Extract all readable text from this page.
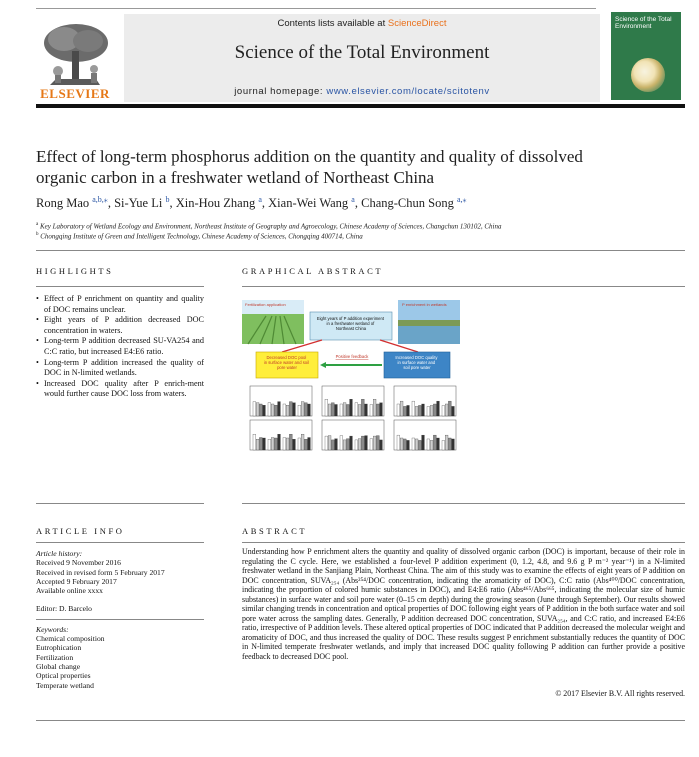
ELSEVIER
Contents lists available at ScienceDirect
Science of the Total Environment
journal homepage: www.elsevier.com/locate/scitotenv
Science of the Total Environment
Effect of long-term phosphorus addition on the quantity and quality of dissolved organic carbon in a freshwater wetland of Northeast China
Rong Mao $^{a,b,⁎}$, Si-Yue Li $^b$, Xin-Hou Zhang $^a$, Xian-Wei Wang $^a$, Chang-Chun Song $^{a,⁎}$
$^a$ Key Laboratory of Wetland Ecology and Environment, Northeast Institute of Geography and Agroecology, Chinese Academy of Sciences, Changchun 130102, China
$^b$ Chongqing Institute of Green and Intelligent Technology, Chinese Academy of Sciences, Chongqing 400714, China
HIGHLIGHTS
• Effect of P enrichment on quantity and quality of DOC remains unclear.
• Eight years of P addition decreased DOC concentration in waters.
• Long-term P addition decreased SU-VA254 and C:C ratio, but increased E4:E6 ratio.
• Long-term P addition increased the quality of DOC in N-limited wetlands.
• Increased DOC quality after P enrich-ment would further cause DOC loss from waters.
GRAPHICAL ABSTRACT
Fertilization application	P enrichment in wetlands
Eight years of P addition experiment in a freshwater wetland of Northeast China
Decreased DOC pool in surface water and soil pore water
Increased DOC quality in surface water and soil pore water
Positive feedback
ARTICLE INFO
Article history:
Received 9 November 2016
Received in revised form 5 February 2017
Accepted 9 February 2017
Available online xxxx
Editor: D. Barcelo
Keywords:
Chemical composition
Eutrophication
Fertilization
Global change
Optical properties
Temperate wetland
ABSTRACT
Understanding how P enrichment alters the quantity and quality of dissolved organic carbon (DOC) is important, because of their role in regulating the C cycle. Here, we established a four-level P addition experiment (0, 1.2, 4.8, and 9.6 g P m⁻² year⁻¹) in a N-limited freshwater wetland in the Sanjiang Plain, Northeast China. The aim of this study was to examine the effects of eight years of P addition on DOC concentration, SUVA₂₅₄ (Abs²⁵⁴/DOC concentration, indicating the aromaticity of DOC), C:C ratio (Abs⁴⁰⁰/DOC concentration, indicating the proportion of colored humic substances in DOC), and E4:E6 ratio (Abs⁴⁶⁵/Abs⁶⁶⁵, indicating the molecular size of humic substances) in surface water and soil pore water (0–15 cm depth) during the growing season (June through September). Our results showed similar changing trends in concentration and optical properties of DOC following eight years of P addition in the both surface water and soil pore water across the sampling dates. Generally, P addition decreased DOC concentration, SUVA₂₅₄, and C:C ratio, and increased E4:E6 ratio, irrespective of P addition levels. These altered optical properties of DOC indicated that P addition decreased the molecular weight and aromaticity of DOC, and thus increased the quality of DOC. These results suggest P enrichment substantially reduces the quantity of DOC in N-limited temperate freshwater wetlands, and imply that increased DOC quality following P addition can further provide a positive feedback to decreased DOC pool.
© 2017 Elsevier B.V. All rights reserved.
